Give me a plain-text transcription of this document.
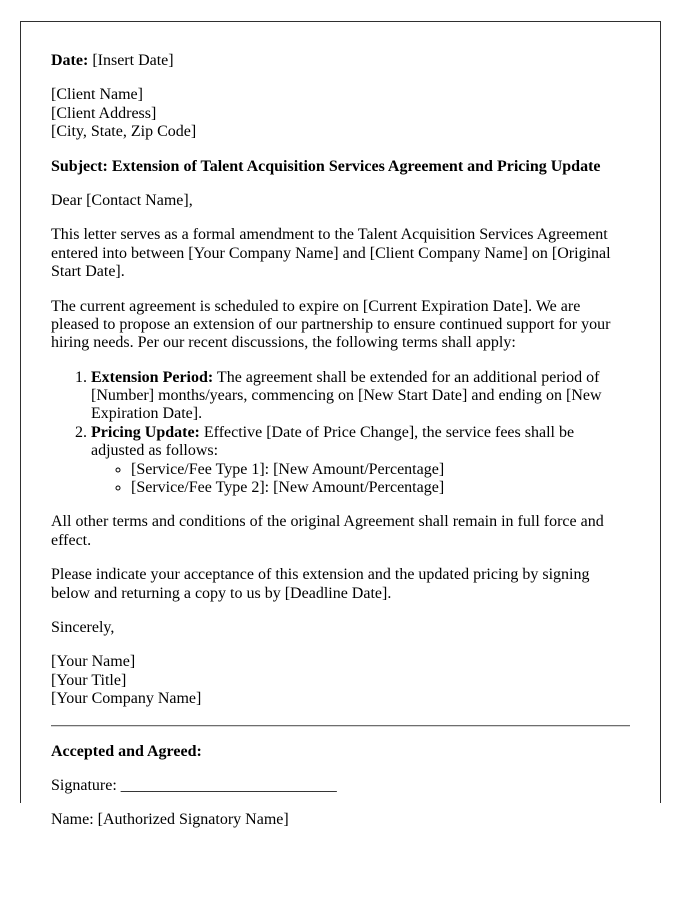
Date: [Insert Date]

[Client Name]
[Client Address]
[City, State, Zip Code]

Subject: Extension of Talent Acquisition Services Agreement and Pricing Update

Dear [Contact Name],

This letter serves as a formal amendment to the Talent Acquisition Services Agreement entered into between [Your Company Name] and [Client Company Name] on [Original Start Date].

The current agreement is scheduled to expire on [Current Expiration Date]. We are pleased to propose an extension of our partnership to ensure continued support for your hiring needs. Per our recent discussions, the following terms shall apply:

1. Extension Period: The agreement shall be extended for an additional period of [Number] months/years, commencing on [New Start Date] and ending on [New Expiration Date].
2. Pricing Update: Effective [Date of Price Change], the service fees shall be adjusted as follows:
◦ [Service/Fee Type 1]: [New Amount/Percentage]
◦ [Service/Fee Type 2]: [New Amount/Percentage]

All other terms and conditions of the original Agreement shall remain in full force and effect.

Please indicate your acceptance of this extension and the updated pricing by signing below and returning a copy to us by [Deadline Date].

Sincerely,

[Your Name]
[Your Title]
[Your Company Name]

Accepted and Agreed:

Signature: ___________________________

Name: [Authorized Signatory Name]
